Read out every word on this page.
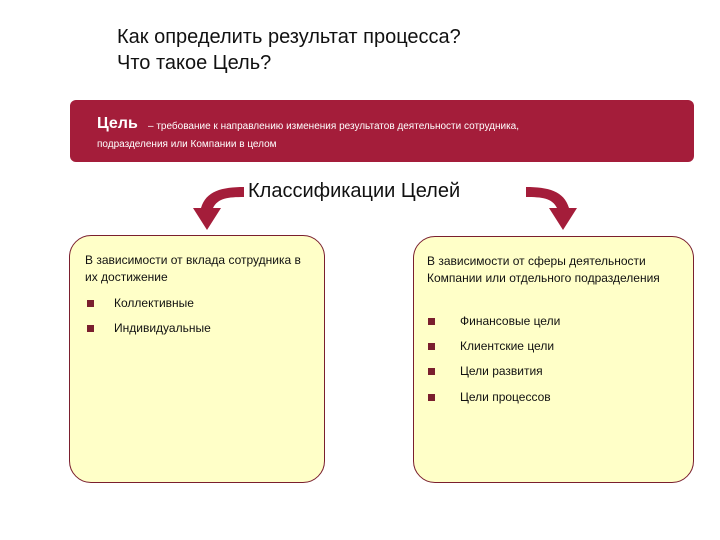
Как определить результат процесса?
Что такое Цель?
Цель – требование к направлению изменения результатов деятельности сотрудника,
подразделения или Компании в целом
Классификации Целей
В зависимости от вклада сотрудника в их достижение
Коллективные
Индивидуальные
В зависимости от сферы деятельности Компании или отдельного подразделения
Финансовые цели
Клиентские цели
Цели развития
Цели процессов
